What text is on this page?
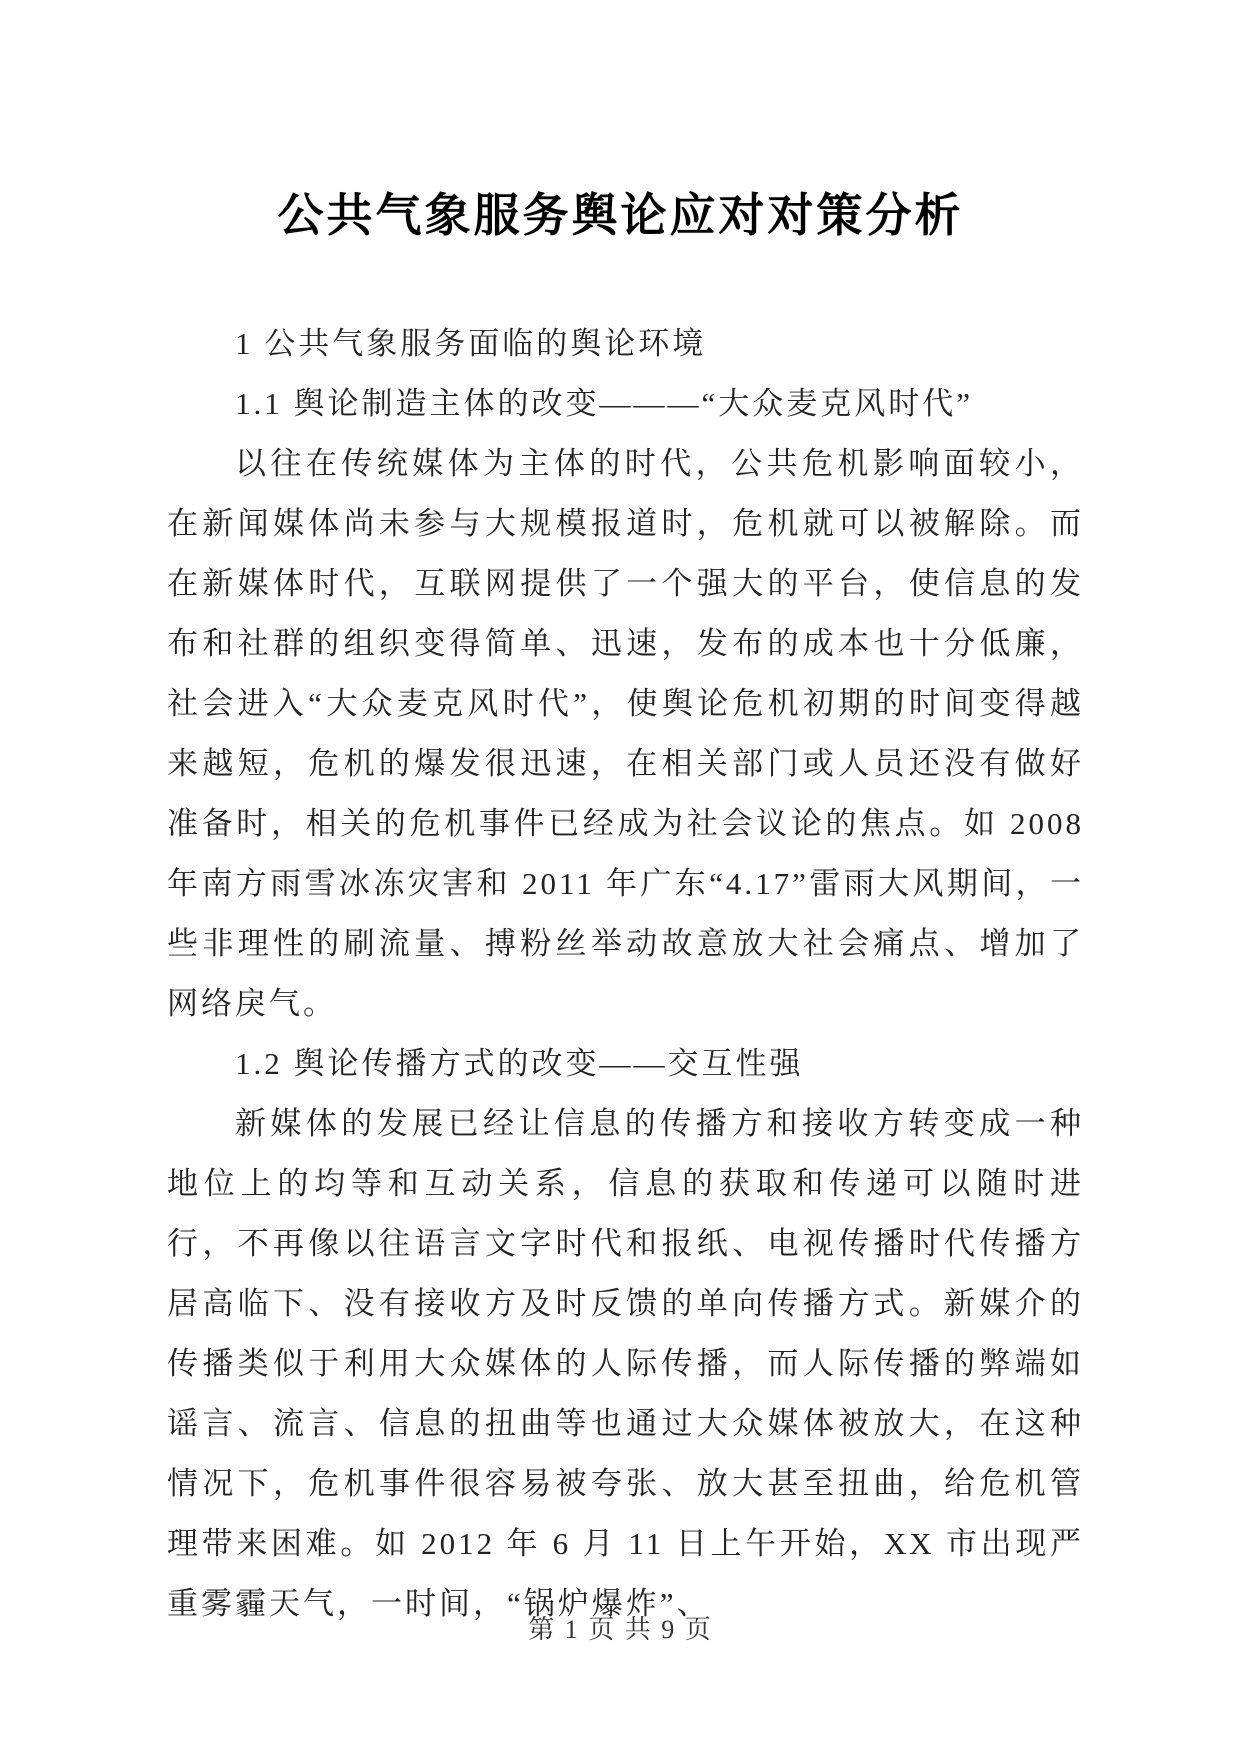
公共气象服务舆论应对对策分析

1 公共气象服务面临的舆论环境

1.1 舆论制造主体的改变———“大众麦克风时代”

以往在传统媒体为主体的时代，公共危机影响面较小，在新闻媒体尚未参与大规模报道时，危机就可以被解除。而在新媒体时代，互联网提供了一个强大的平台，使信息的发布和社群的组织变得简单、迅速，发布的成本也十分低廉，社会进入“大众麦克风时代”，使舆论危机初期的时间变得越来越短，危机的爆发很迅速，在相关部门或人员还没有做好准备时，相关的危机事件已经成为社会议论的焦点。如 2008 年南方雨雪冰冻灾害和 2011 年广东“4.17”雷雨大风期间，一些非理性的刷流量、搏粉丝举动故意放大社会痛点、增加了网络戾气。

1.2 舆论传播方式的改变——交互性强

新媒体的发展已经让信息的传播方和接收方转变成一种地位上的均等和互动关系，信息的获取和传递可以随时进行，不再像以往语言文字时代和报纸、电视传播时代传播方居高临下、没有接收方及时反馈的单向传播方式。新媒介的传播类似于利用大众媒体的人际传播，而人际传播的弊端如谣言、流言、信息的扭曲等也通过大众媒体被放大，在这种情况下，危机事件很容易被夸张、放大甚至扭曲，给危机管理带来困难。如 2012 年 6 月 11 日上午开始，XX 市出现严重雾霾天气，一时间，“锅炉爆炸”、

第 1 页 共 9 页
